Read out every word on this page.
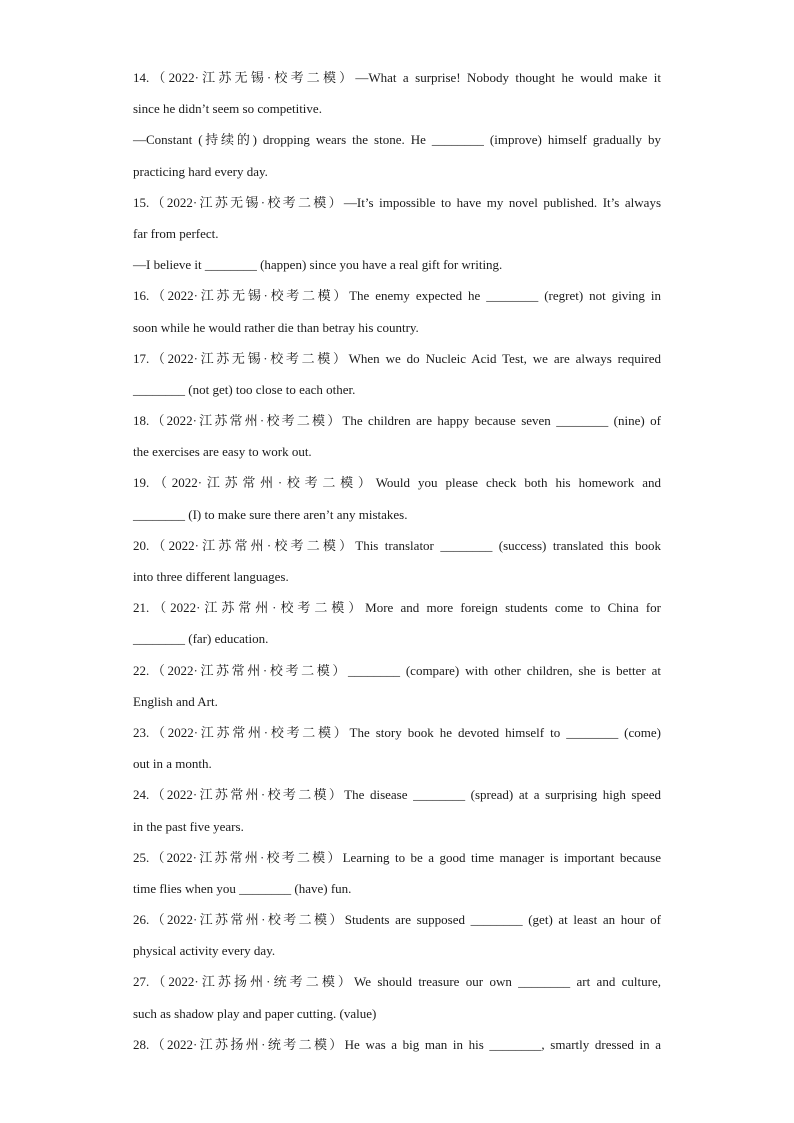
14.（2022·江苏无锡·校考二模）—What a surprise! Nobody thought he would make it
since he didn’t seem so competitive.
—Constant (持续的) dropping wears the stone. He ________ (improve) himself gradually by
practicing hard every day.
15.（2022·江苏无锡·校考二模）—It’s impossible to have my novel published. It’s always
far from perfect.
—I believe it ________ (happen) since you have a real gift for writing.
16.（2022·江苏无锡·校考二模）The enemy expected he ________ (regret) not giving in
soon while he would rather die than betray his country.
17.（2022·江苏无锡·校考二模）When we do Nucleic Acid Test, we are always required
________ (not get) too close to each other.
18.（2022·江苏常州·校考二模）The children are happy because seven ________ (nine) of
the exercises are easy to work out.
19.（2022·江苏常州·校考二模）Would you please check both his homework and
________ (I) to make sure there aren’t any mistakes.
20.（2022·江苏常州·校考二模）This translator ________ (success) translated this book
into three different languages.
21.（2022·江苏常州·校考二模）More and more foreign students come to China for
________ (far) education.
22.（2022·江苏常州·校考二模）________ (compare) with other children, she is better at
English and Art.
23.（2022·江苏常州·校考二模）The story book he devoted himself to ________ (come)
out in a month.
24.（2022·江苏常州·校考二模）The disease ________ (spread) at a surprising high speed
in the past five years.
25.（2022·江苏常州·校考二模）Learning to be a good time manager is important because
time flies when you ________ (have) fun.
26.（2022·江苏常州·校考二模）Students are supposed ________ (get) at least an hour of
physical activity every day.
27.（2022·江苏扬州·统考二模）We should treasure our own ________ art and culture,
such as shadow play and paper cutting. (value)
28.（2022·江苏扬州·统考二模）He was a big man in his ________, smartly dressed in a
